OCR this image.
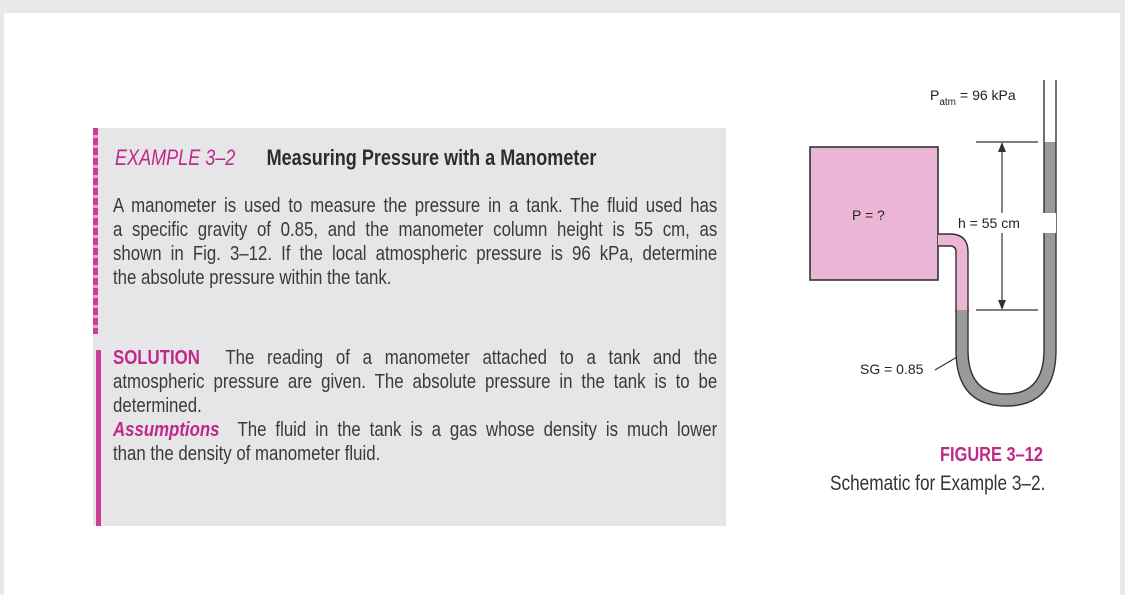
EXAMPLE 3–2 Measuring Pressure with a Manometer
A manometer is used to measure the pressure in a tank. The fluid used has
a specific gravity of 0.85, and the manometer column height is 55 cm, as
shown in Fig. 3–12. If the local atmospheric pressure is 96 kPa, determine
the absolute pressure within the tank.
SOLUTION The reading of a manometer attached to a tank and the
atmospheric pressure are given. The absolute pressure in the tank is to be
determined.
Assumptions The fluid in the tank is a gas whose density is much lower
than the density of manometer fluid.
$P_{atm} = 96$ kPa
P = ?	h = 55 cm
SG = 0.85
FIGURE 3–12
Schematic for Example 3–2.
